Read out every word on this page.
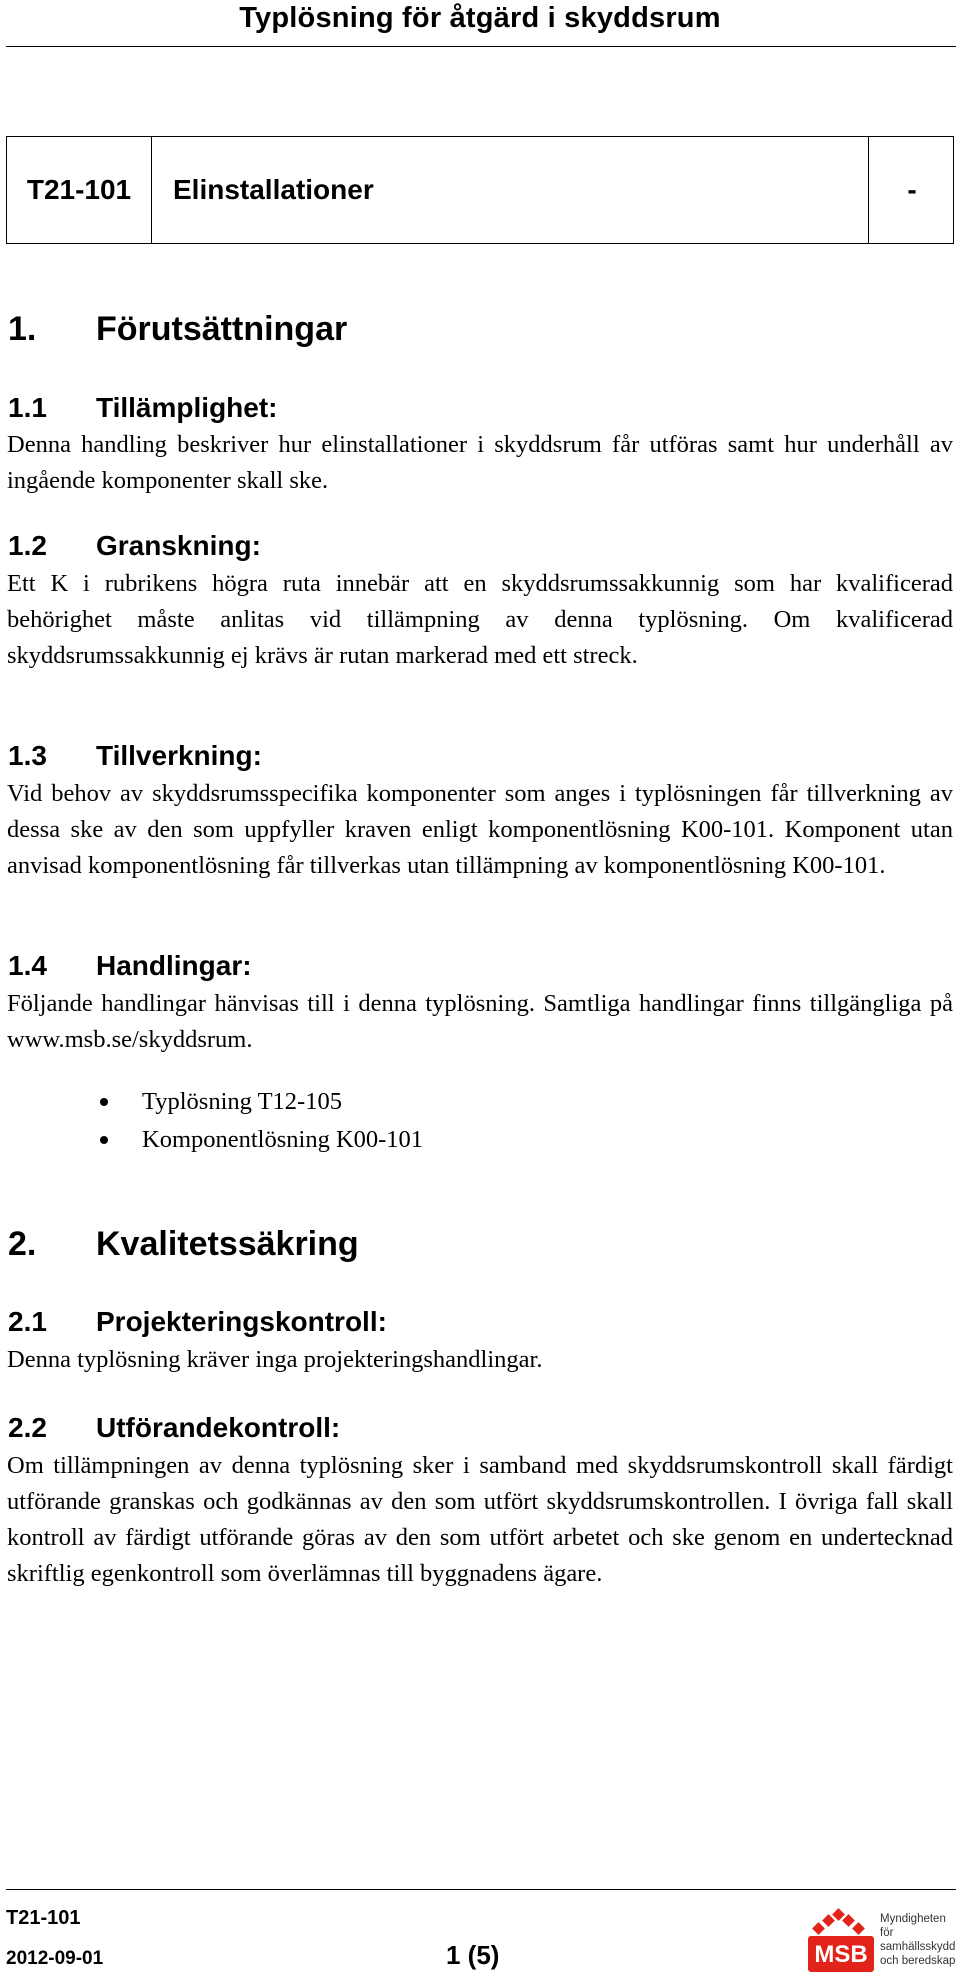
Typlösning för åtgärd i skyddsrum
T21-101 Elinstallationer	-
1. Förutsättningar
1.1 Tillämplighet:
Denna handling beskriver hur elinstallationer i skyddsrum får utföras samt hur underhåll av ingående komponenter skall ske.
1.2 Granskning:
Ett K i rubrikens högra ruta innebär att en skyddsrumssakkunnig som har kvalificerad behörighet måste anlitas vid tillämpning av denna typlösning. Om kvalificerad skyddsrumssakkunnig ej krävs är rutan markerad med ett streck.
1.3 Tillverkning:
Vid behov av skyddsrumsspecifika komponenter som anges i typlösningen får tillverkning av dessa ske av den som uppfyller kraven enligt komponentlösning K00-101. Komponent utan anvisad komponentlösning får tillverkas utan tillämpning av komponentlösning K00-101.
1.4 Handlingar:
Följande handlingar hänvisas till i denna typlösning. Samtliga handlingar finns tillgängliga på www.msb.se/skyddsrum.
Typlösning T12-105
Komponentlösning K00-101
2. Kvalitetssäkring
2.1 Projekteringskontroll:
Denna typlösning kräver inga projekteringshandlingar.
2.2 Utförandekontroll:
Om tillämpningen av denna typlösning sker i samband med skyddsrumskontroll skall färdigt utförande granskas och godkännas av den som utfört skyddsrumskontrollen. I övriga fall skall kontroll av färdigt utförande göras av den som utfört arbetet och ske genom en undertecknad skriftlig egenkontroll som överlämnas till byggnadens ägare.
T21-101
2012-09-01	1 (5)	MSB
Myndigheten för
samhällsskydd
och beredskap
